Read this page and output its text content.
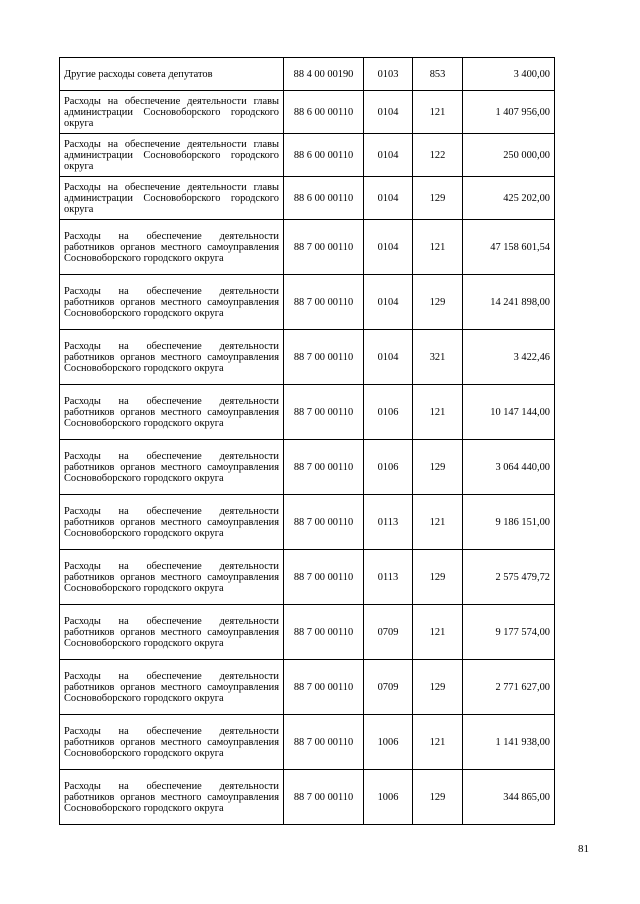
Другие расходы совета депутатов	88 4 00 00190	0103	853	3 400,00
Расходы на обеспечение деятельности главы администрации Сосновоборского городского округа	88 6 00 00110	0104	121	1 407 956,00
Расходы на обеспечение деятельности главы администрации Сосновоборского городского округа	88 6 00 00110	0104	122	250 000,00
Расходы на обеспечение деятельности главы администрации Сосновоборского городского округа	88 6 00 00110	0104	129	425 202,00
Расходы на обеспечение деятельности работников органов местного самоуправления Сосновоборского городского округа	88 7 00 00110	0104	121	47 158 601,54
Расходы на обеспечение деятельности работников органов местного самоуправления Сосновоборского городского округа	88 7 00 00110	0104	129	14 241 898,00
Расходы на обеспечение деятельности работников органов местного самоуправления Сосновоборского городского округа	88 7 00 00110	0104	321	3 422,46
Расходы на обеспечение деятельности работников органов местного самоуправления Сосновоборского городского округа	88 7 00 00110	0106	121	10 147 144,00
Расходы на обеспечение деятельности работников органов местного самоуправления Сосновоборского городского округа	88 7 00 00110	0106	129	3 064 440,00
Расходы на обеспечение деятельности работников органов местного самоуправления Сосновоборского городского округа	88 7 00 00110	0113	121	9 186 151,00
Расходы на обеспечение деятельности работников органов местного самоуправления Сосновоборского городского округа	88 7 00 00110	0113	129	2 575 479,72
Расходы на обеспечение деятельности работников органов местного самоуправления Сосновоборского городского округа	88 7 00 00110	0709	121	9 177 574,00
Расходы на обеспечение деятельности работников органов местного самоуправления Сосновоборского городского округа	88 7 00 00110	0709	129	2 771 627,00
Расходы на обеспечение деятельности работников органов местного самоуправления Сосновоборского городского округа	88 7 00 00110	1006	121	1 141 938,00
Расходы на обеспечение деятельности работников органов местного самоуправления Сосновоборского городского округа	88 7 00 00110	1006	129	344 865,00
81
